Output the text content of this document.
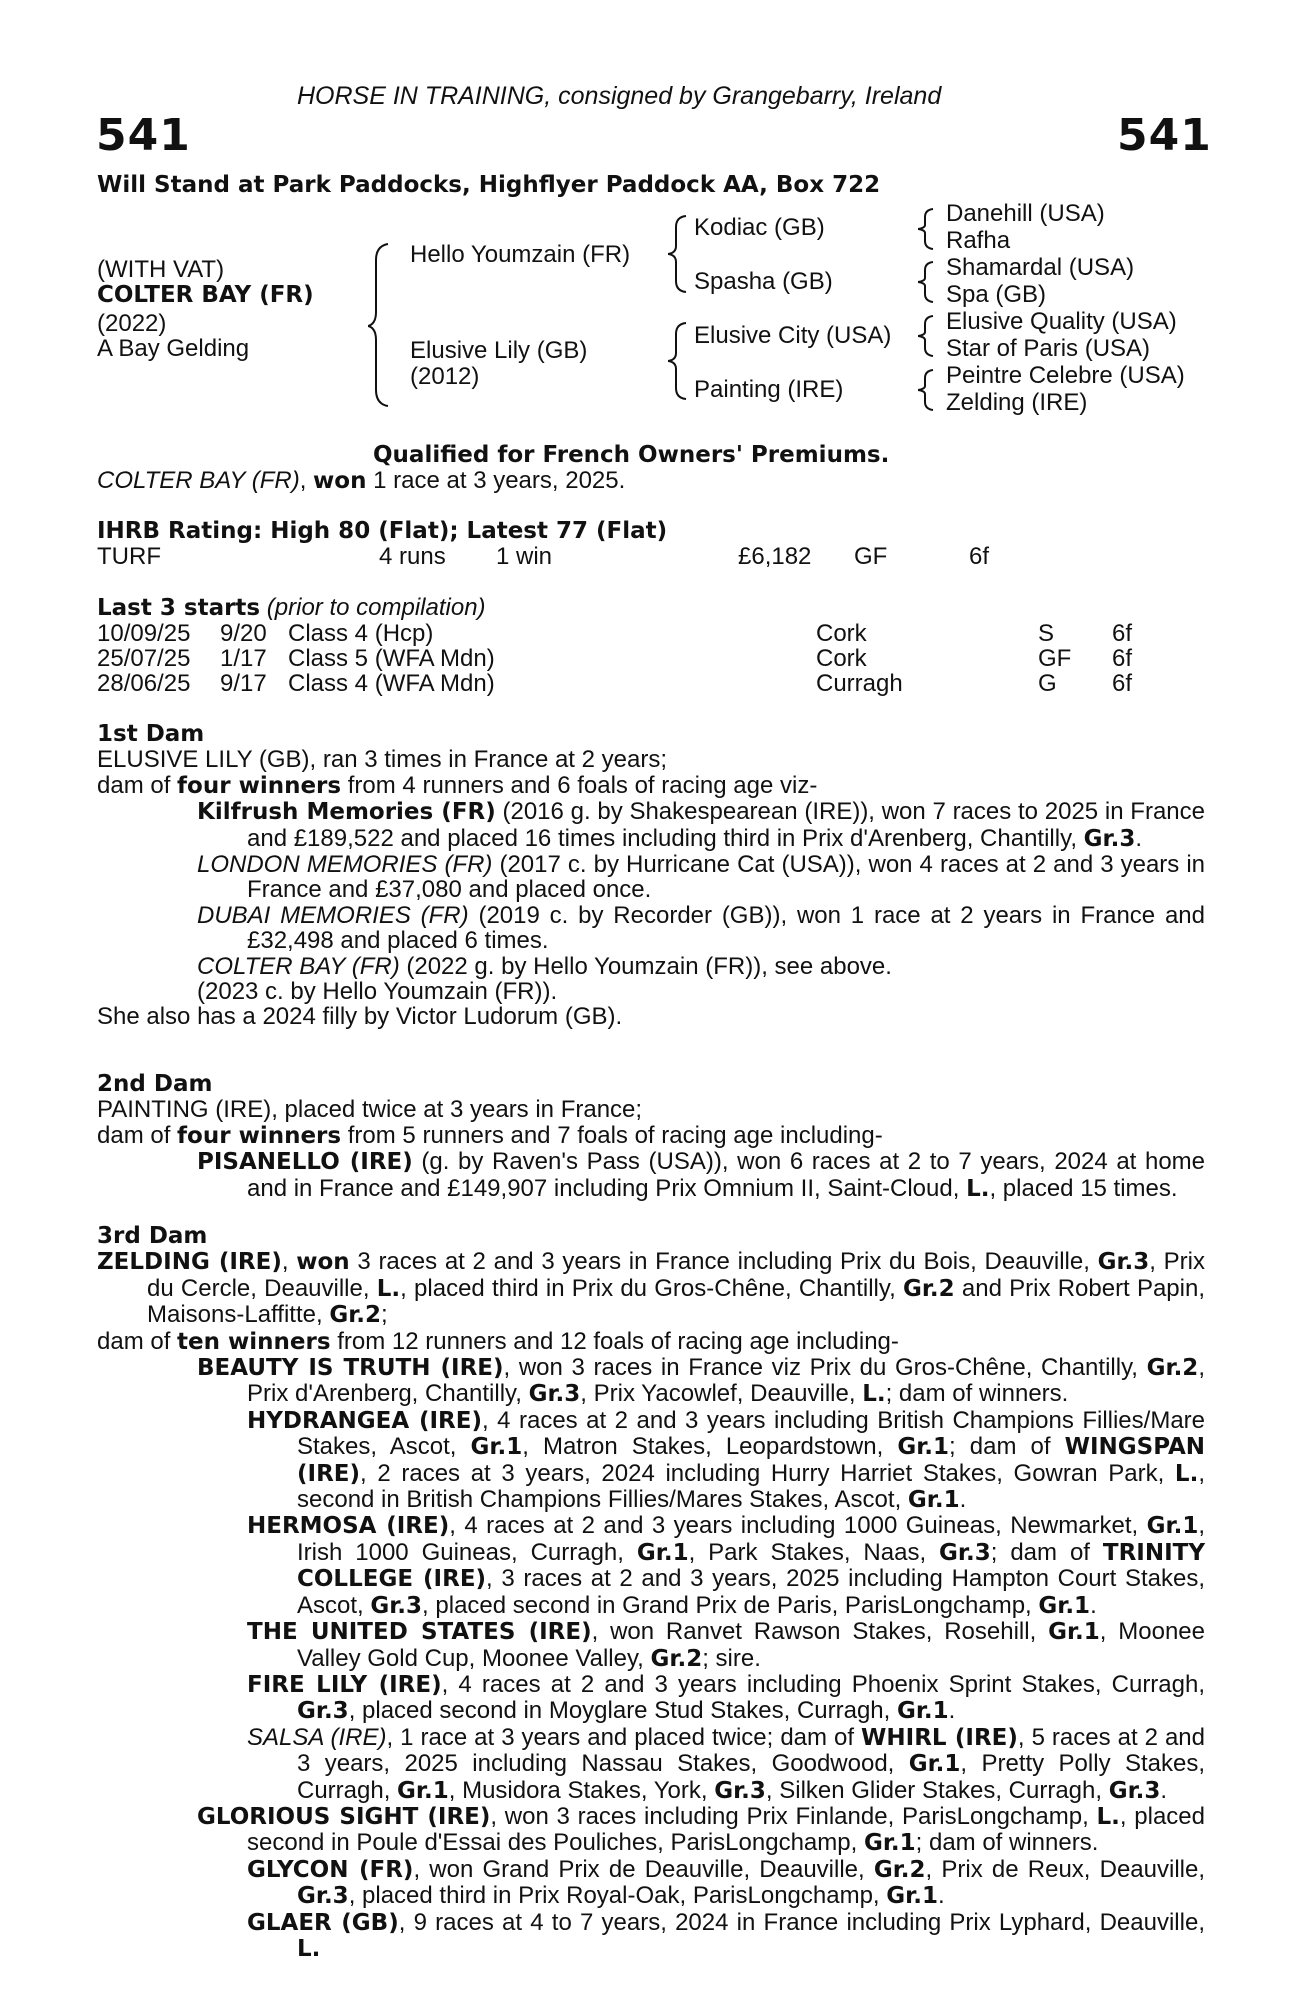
HORSE IN TRAINING, consigned by Grangebarry, Ireland
541	541
Will Stand at Park Paddocks, Highflyer Paddock AA, Box 722
(WITH VAT)
COLTER BAY (FR)
(2022)
A Bay Gelding
Hello Youmzain (FR)
Elusive Lily (GB)
(2012)
Kodiac (GB)
Spasha (GB)
Elusive City (USA)
Painting (IRE)
Danehill (USA)
Rafha
Shamardal (USA)
Spa (GB)
Elusive Quality (USA)
Star of Paris (USA)
Peintre Celebre (USA)
Zelding (IRE)
Qualified for French Owners' Premiums.
COLTER BAY (FR), won 1 race at 3 years, 2025.
IHRB Rating: High 80 (Flat); Latest 77 (Flat)
TURF	4 runs 1 win	£6,182 GF	6f
Last 3 starts (prior to compilation)
10/09/25 9/20 Class 4 (Hcp)	Cork	S 6f
25/07/25 1/17 Class 5 (WFA Mdn)	Cork	GF 6f
28/06/25 9/17 Class 4 (WFA Mdn)	Curragh	G 6f

1st Dam

ELUSIVE LILY (GB), ran 3 times in France at 2 years;

dam of four winners from 4 runners and 6 foals of racing age viz-

Kilfrush Memories (FR) (2016 g. by Shakespearean (IRE)), won 7 races to 2025 in France and £189,522 and placed 16 times including third in Prix d'Arenberg, Chantilly, Gr.3.

LONDON MEMORIES (FR) (2017 c. by Hurricane Cat (USA)), won 4 races at 2 and 3 years in France and £37,080 and placed once.

DUBAI MEMORIES (FR) (2019 c. by Recorder (GB)), won 1 race at 2 years in France and £32,498 and placed 6 times.

COLTER BAY (FR) (2022 g. by Hello Youmzain (FR)), see above.

(2023 c. by Hello Youmzain (FR)).

She also has a 2024 filly by Victor Ludorum (GB).

2nd Dam

PAINTING (IRE), placed twice at 3 years in France;

dam of four winners from 5 runners and 7 foals of racing age including-

PISANELLO (IRE) (g. by Raven's Pass (USA)), won 6 races at 2 to 7 years, 2024 at home and in France and £149,907 including Prix Omnium II, Saint-Cloud, L., placed 15 times.

3rd Dam

ZELDING (IRE), won 3 races at 2 and 3 years in France including Prix du Bois, Deauville, Gr.3, Prix du Cercle, Deauville, L., placed third in Prix du Gros-Chêne, Chantilly, Gr.2 and Prix Robert Papin, Maisons-Laffitte, Gr.2;

dam of ten winners from 12 runners and 12 foals of racing age including-

BEAUTY IS TRUTH (IRE), won 3 races in France viz Prix du Gros-Chêne, Chantilly, Gr.2, Prix d'Arenberg, Chantilly, Gr.3, Prix Yacowlef, Deauville, L.; dam of winners.

HYDRANGEA (IRE), 4 races at 2 and 3 years including British Champions Fillies/Mare Stakes, Ascot, Gr.1, Matron Stakes, Leopardstown, Gr.1; dam of WINGSPAN (IRE), 2 races at 3 years, 2024 including Hurry Harriet Stakes, Gowran Park, L., second in British Champions Fillies/Mares Stakes, Ascot, Gr.1.

HERMOSA (IRE), 4 races at 2 and 3 years including 1000 Guineas, Newmarket, Gr.1, Irish 1000 Guineas, Curragh, Gr.1, Park Stakes, Naas, Gr.3; dam of TRINITY COLLEGE (IRE), 3 races at 2 and 3 years, 2025 including Hampton Court Stakes, Ascot, Gr.3, placed second in Grand Prix de Paris, ParisLongchamp, Gr.1.

THE UNITED STATES (IRE), won Ranvet Rawson Stakes, Rosehill, Gr.1, Moonee Valley Gold Cup, Moonee Valley, Gr.2; sire.

FIRE LILY (IRE), 4 races at 2 and 3 years including Phoenix Sprint Stakes, Curragh, Gr.3, placed second in Moyglare Stud Stakes, Curragh, Gr.1.

SALSA (IRE), 1 race at 3 years and placed twice; dam of WHIRL (IRE), 5 races at 2 and 3 years, 2025 including Nassau Stakes, Goodwood, Gr.1, Pretty Polly Stakes, Curragh, Gr.1, Musidora Stakes, York, Gr.3, Silken Glider Stakes, Curragh, Gr.3.

GLORIOUS SIGHT (IRE), won 3 races including Prix Finlande, ParisLongchamp, L., placed second in Poule d'Essai des Pouliches, ParisLongchamp, Gr.1; dam of winners.

GLYCON (FR), won Grand Prix de Deauville, Deauville, Gr.2, Prix de Reux, Deauville, Gr.3, placed third in Prix Royal-Oak, ParisLongchamp, Gr.1.

GLAER (GB), 9 races at 4 to 7 years, 2024 in France including Prix Lyphard, Deauville, L.
